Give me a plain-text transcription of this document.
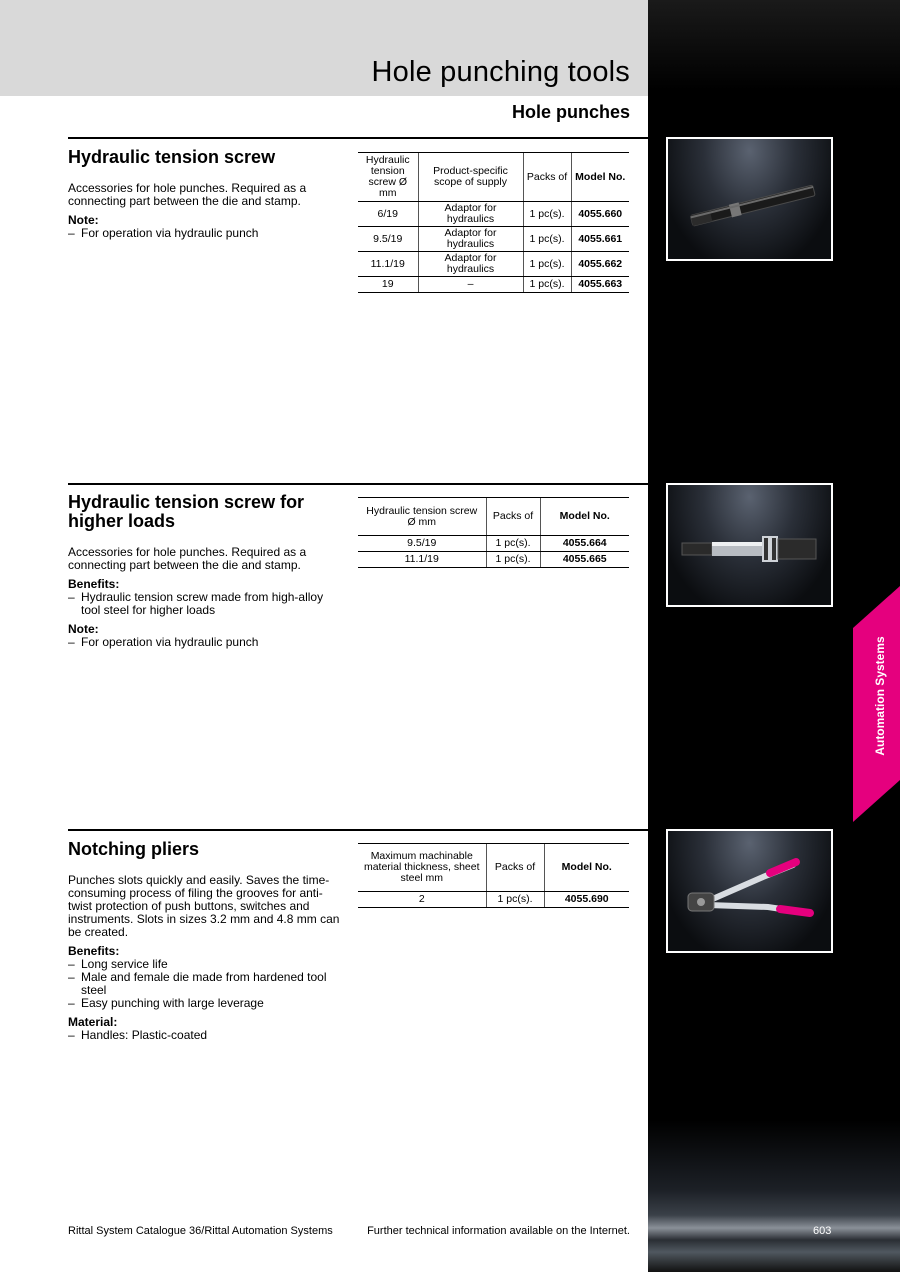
Hole punching tools
Hole punches
Hydraulic tension screw

Accessories for hole punches. Required as a connecting part between the die and stamp.

Note:
– For operation via hydraulic punch
Hydraulic tension screw Ø mm	Product-specific scope of supply	Packs of	Model No.
6/19	Adaptor for hydraulics	1 pc(s).	4055.660
9.5/19	Adaptor for hydraulics	1 pc(s).	4055.661
11.1/19	Adaptor for hydraulics	1 pc(s).	4055.662
19	–	1 pc(s).	4055.663
Hydraulic tension screw for higher loads

Accessories for hole punches. Required as a connecting part between the die and stamp.

Benefits:
– Hydraulic tension screw made from high-alloy tool steel for higher loads
Note:
– For operation via hydraulic punch
Hydraulic tension screw Ø mm	Packs of	Model No.
9.5/19	1 pc(s).	4055.664
11.1/19	1 pc(s).	4055.665
Notching pliers

Punches slots quickly and easily. Saves the time-consuming process of filing the grooves for anti-twist protection of push buttons, switches and instruments. Slots in sizes 3.2 mm and 4.8 mm can be created.

Benefits:
– Long service life
– Male and female die made from hardened tool steel
– Easy punching with large leverage
Material:
– Handles: Plastic-coated
Maximum machinable material thickness, sheet steel mm	Packs of	Model No.
2	1 pc(s).	4055.690
Automation Systems
Rittal System Catalogue 36/Rittal Automation Systems	Further technical information available on the Internet.	603
